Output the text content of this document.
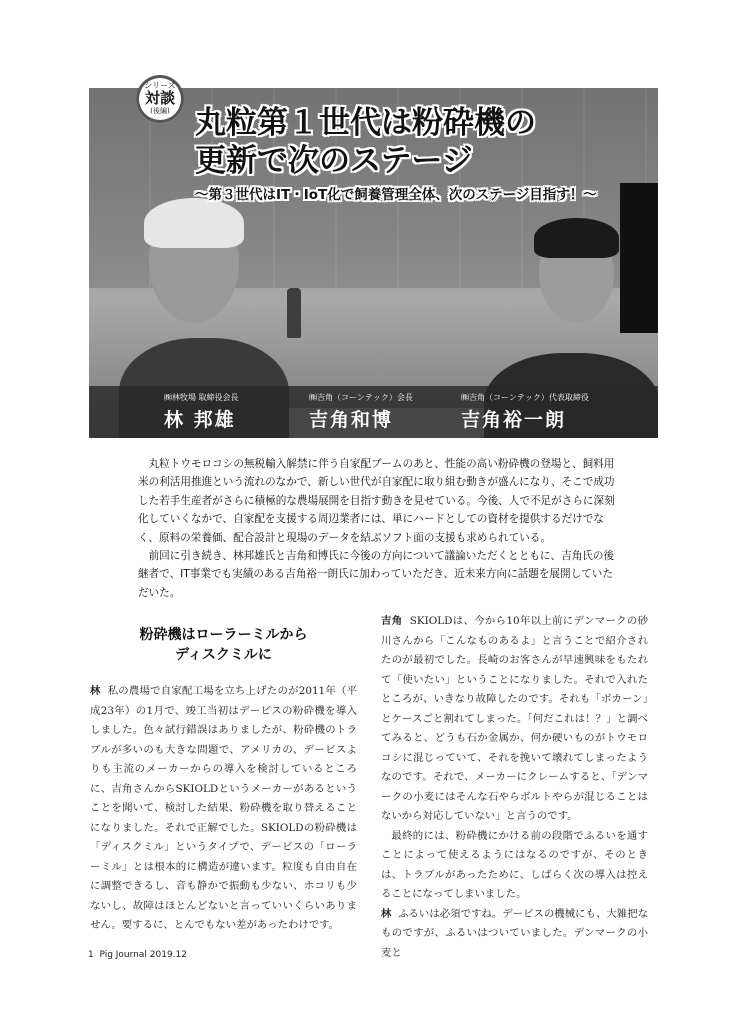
㈱林牧場 取締役会長
林 邦雄
㈱吉角（コーンテック）会長
吉角和博
㈱吉角（コーンテック）代表取締役
吉角裕一朗
シリーズ
対談
(後編) 丸粒第１世代は粉砕機の
更新で次のステージ
〜第３世代はIT・IoT化で飼養管理全体、次のステージ目指す！〜

丸粒トウモロコシの無税輸入解禁に伴う自家配ブームのあと、性能の高い粉砕機の登場と、飼料用米の利活用推進という流れのなかで、新しい世代が自家配に取り組む動きが盛んになり、そこで成功した若手生産者がさらに積極的な農場展開を目指す動きを見せている。今後、人で不足がさらに深刻化していくなかで、自家配を支援する周辺業者には、単にハードとしての資材を提供するだけでなく、原料の栄養価、配合設計と現場のデータを結ぶソフト面の支援も求められている。

前回に引き続き、林邦雄氏と吉角和博氏に今後の方向について議論いただくとともに、吉角氏の後継者で、IT事業でも実績のある吉角裕一朗氏に加わっていただき、近未来方向に話題を展開していただいた。

粉砕機はローラーミルから
ディスクミルに

林 私の農場で自家配工場を立ち上げたのが2011年（平成23年）の1月で、竣工当初はデービスの粉砕機を導入しました。色々試行錯誤はありましたが、粉砕機のトラブルが多いのも大きな問題で、アメリカの、デービスよりも主流のメーカーからの導入を検討しているところに、吉角さんからSKIOLDというメーカーがあるということを聞いて、検討した結果、粉砕機を取り替えることになりました。それで正解でした。SKIOLDの粉砕機は「ディスクミル」というタイプで、デービスの「ローラーミル」とは根本的に構造が違います。粒度も自由自在に調整できるし、音も静かで振動も少ない、ホコリも少ないし、故障はほとんどないと言っていいくらいありません。要するに、とんでもない差があったわけです。

吉角 SKIOLDは、今から10年以上前にデンマークの砂川さんから「こんなものあるよ」と言うことで紹介されたのが最初でした。長崎のお客さんが早速興味をもたれて「使いたい」ということになりました。それで入れたところが、いきなり故障したのです。それも「ボカーン」とケースごと割れてしまった。「何だこれは！？」と調べてみると、どうも石か金属か、何か硬いものがトウモロコシに混じっていて、それを挽いて壊れてしまったようなのです。それで、メーカーにクレームすると、「デンマークの小麦にはそんな石やらボルトやらが混じることはないから対応していない」と言うのです。

最終的には、粉砕機にかける前の段階でふるいを通すことによって使えるようにはなるのですが、そのときは、トラブルがあったために、しばらく次の導入は控えることになってしまいました。

林 ふるいは必須ですね。デービスの機械にも、大雑把なものですが、ふるいはついていました。デンマークの小麦と

1 Pig Journal 2019.12
